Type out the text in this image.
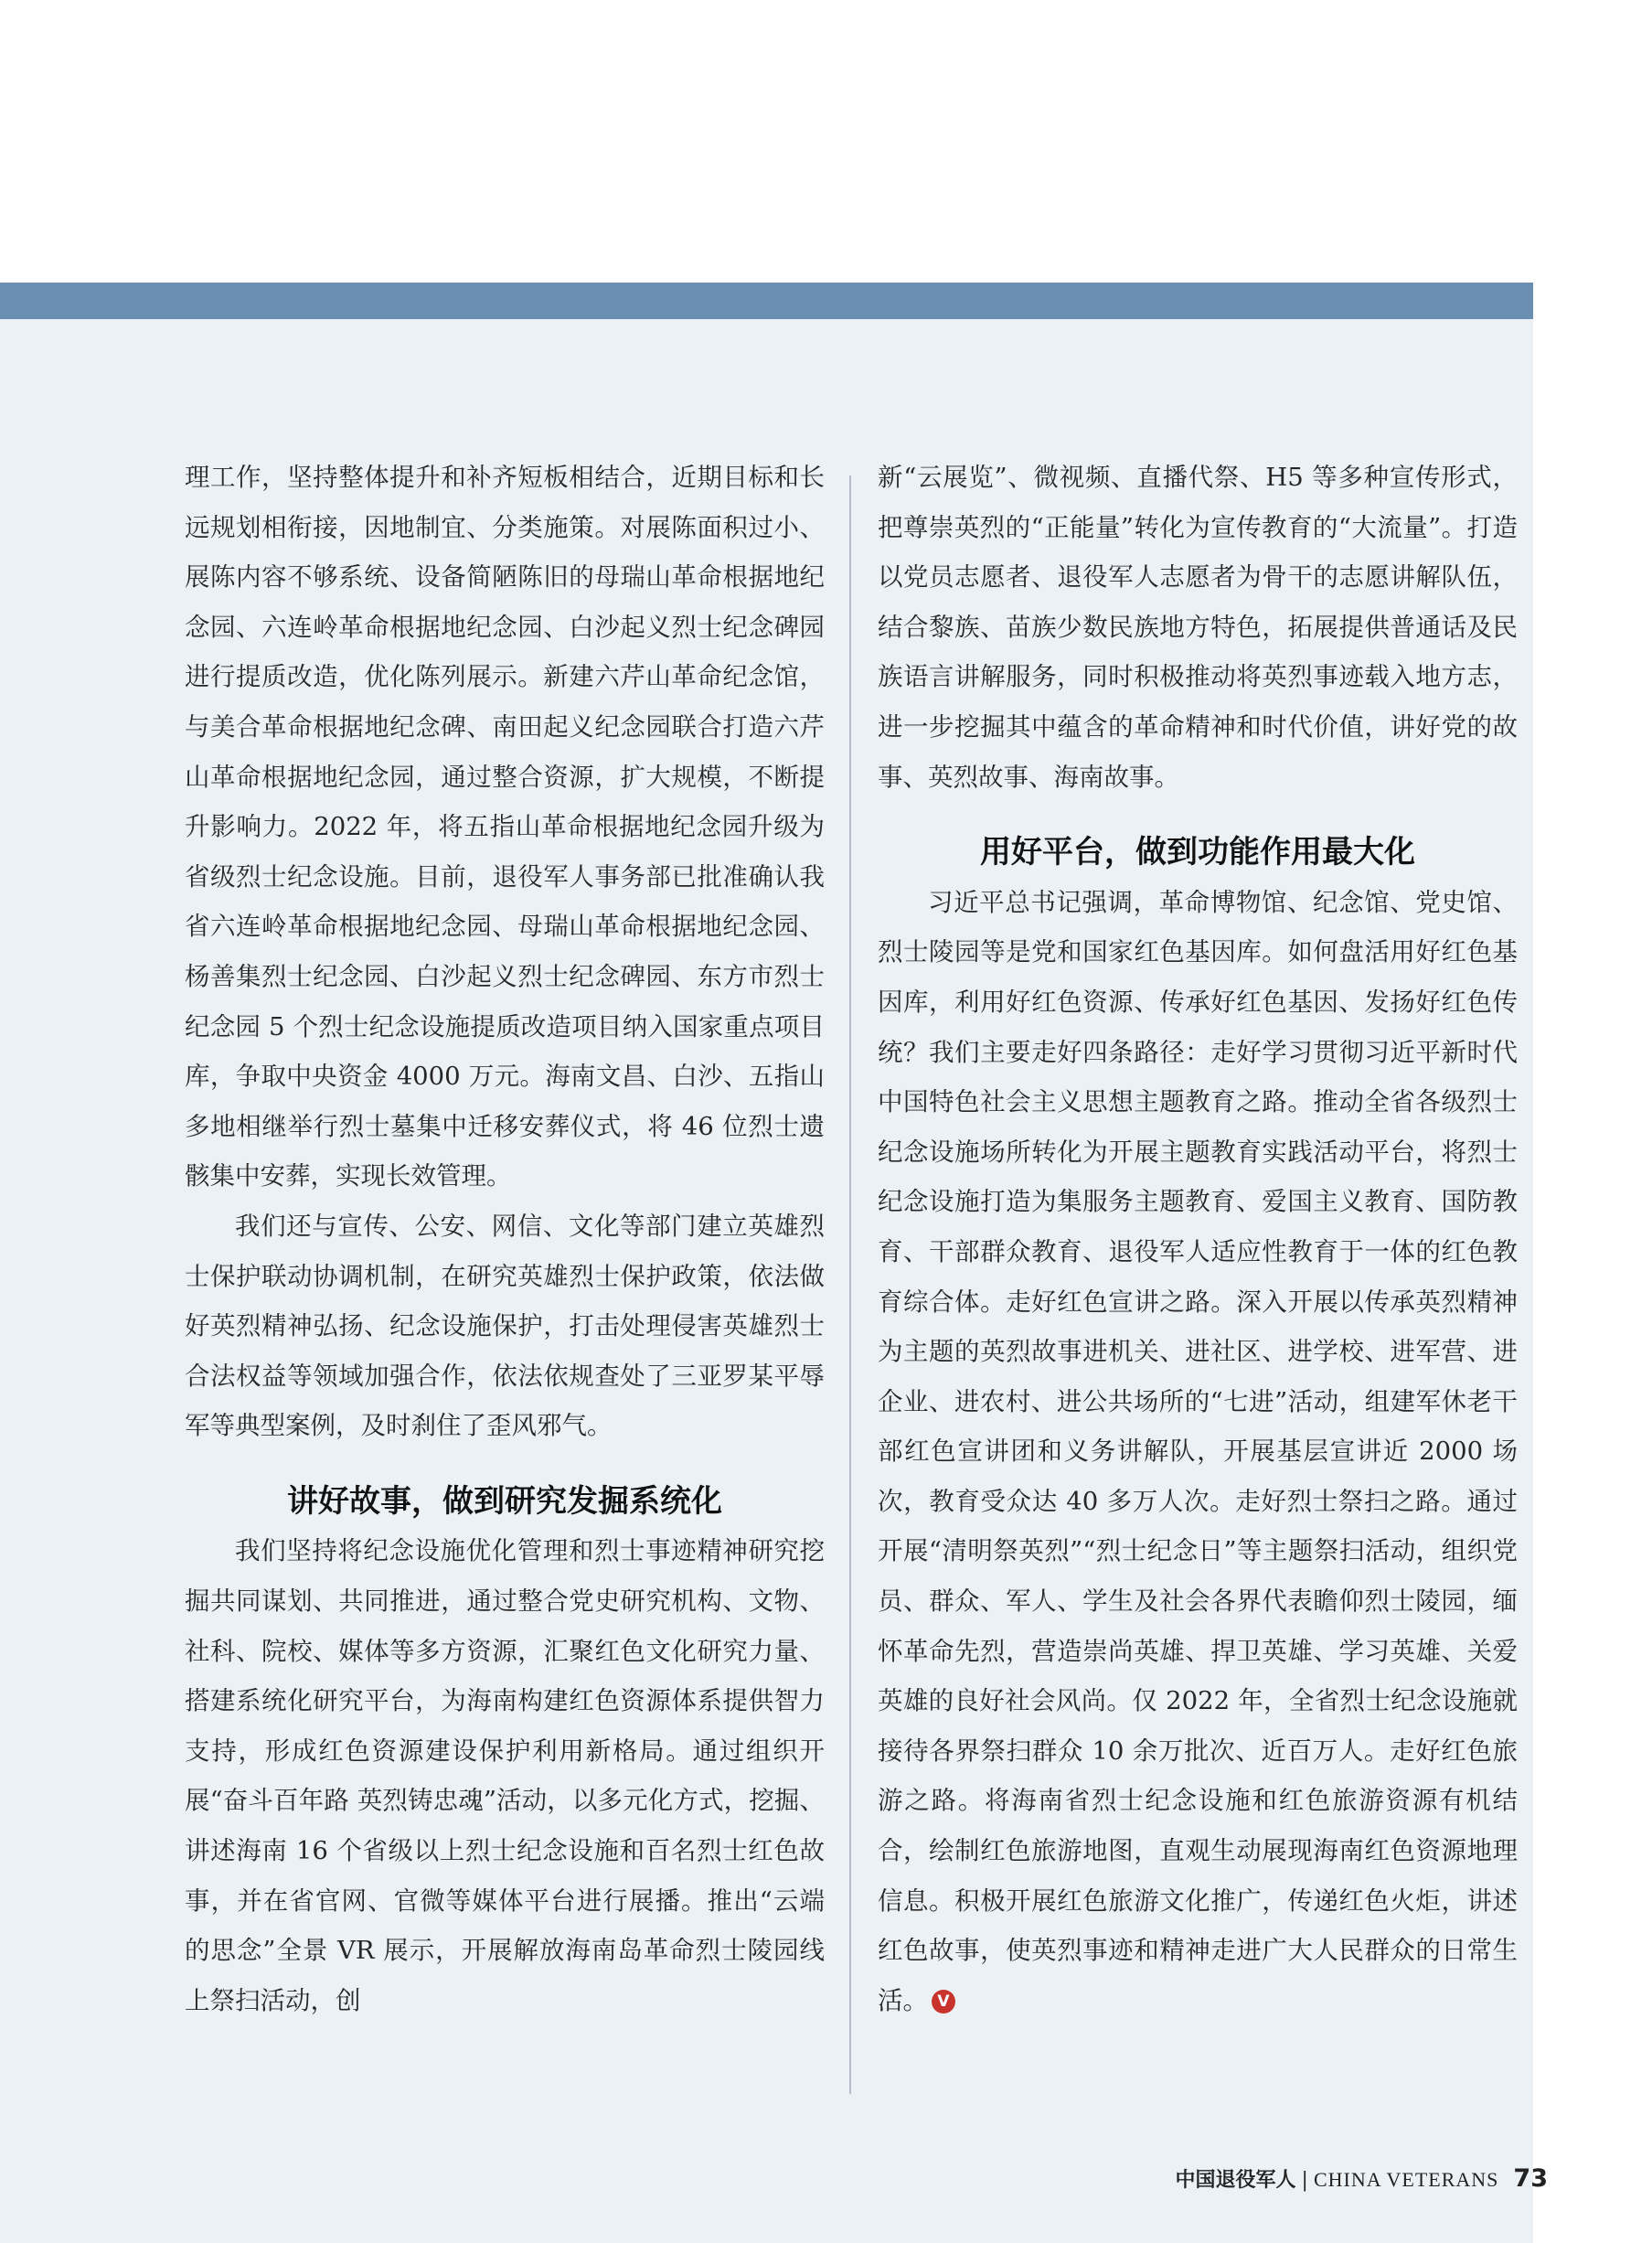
理工作，坚持整体提升和补齐短板相结合，近期目标和长远规划相衔接，因地制宜、分类施策。对展陈面积过小、展陈内容不够系统、设备简陋陈旧的母瑞山革命根据地纪念园、六连岭革命根据地纪念园、白沙起义烈士纪念碑园进行提质改造，优化陈列展示。新建六芹山革命纪念馆，与美合革命根据地纪念碑、南田起义纪念园联合打造六芹山革命根据地纪念园，通过整合资源，扩大规模，不断提升影响力。2022 年，将五指山革命根据地纪念园升级为省级烈士纪念设施。目前，退役军人事务部已批准确认我省六连岭革命根据地纪念园、母瑞山革命根据地纪念园、杨善集烈士纪念园、白沙起义烈士纪念碑园、东方市烈士纪念园 5 个烈士纪念设施提质改造项目纳入国家重点项目库，争取中央资金 4000 万元。海南文昌、白沙、五指山多地相继举行烈士墓集中迁移安葬仪式，将 46 位烈士遗骸集中安葬，实现长效管理。

我们还与宣传、公安、网信、文化等部门建立英雄烈士保护联动协调机制，在研究英雄烈士保护政策，依法做好英烈精神弘扬、纪念设施保护，打击处理侵害英雄烈士合法权益等领域加强合作，依法依规查处了三亚罗某平辱军等典型案例，及时刹住了歪风邪气。

讲好故事，做到研究发掘系统化

我们坚持将纪念设施优化管理和烈士事迹精神研究挖掘共同谋划、共同推进，通过整合党史研究机构、文物、社科、院校、媒体等多方资源，汇聚红色文化研究力量、搭建系统化研究平台，为海南构建红色资源体系提供智力支持，形成红色资源建设保护利用新格局。通过组织开展“奋斗百年路 英烈铸忠魂”活动，以多元化方式，挖掘、讲述海南 16 个省级以上烈士纪念设施和百名烈士红色故事，并在省官网、官微等媒体平台进行展播。推出“云端的思念”全景 VR 展示，开展解放海南岛革命烈士陵园线上祭扫活动，创

新“云展览”、微视频、直播代祭、H5 等多种宣传形式，把尊崇英烈的“正能量”转化为宣传教育的“大流量”。打造以党员志愿者、退役军人志愿者为骨干的志愿讲解队伍，结合黎族、苗族少数民族地方特色，拓展提供普通话及民族语言讲解服务，同时积极推动将英烈事迹载入地方志，进一步挖掘其中蕴含的革命精神和时代价值，讲好党的故事、英烈故事、海南故事。

用好平台，做到功能作用最大化

习近平总书记强调，革命博物馆、纪念馆、党史馆、烈士陵园等是党和国家红色基因库。如何盘活用好红色基因库，利用好红色资源、传承好红色基因、发扬好红色传统？我们主要走好四条路径：走好学习贯彻习近平新时代中国特色社会主义思想主题教育之路。推动全省各级烈士纪念设施场所转化为开展主题教育实践活动平台，将烈士纪念设施打造为集服务主题教育、爱国主义教育、国防教育、干部群众教育、退役军人适应性教育于一体的红色教育综合体。走好红色宣讲之路。深入开展以传承英烈精神为主题的英烈故事进机关、进社区、进学校、进军营、进企业、进农村、进公共场所的“七进”活动，组建军休老干部红色宣讲团和义务讲解队，开展基层宣讲近 2000 场次，教育受众达 40 多万人次。走好烈士祭扫之路。通过开展“清明祭英烈”“烈士纪念日”等主题祭扫活动，组织党员、群众、军人、学生及社会各界代表瞻仰烈士陵园，缅怀革命先烈，营造崇尚英雄、捍卫英雄、学习英雄、关爱英雄的良好社会风尚。仅 2022 年，全省烈士纪念设施就接待各界祭扫群众 10 余万批次、近百万人。走好红色旅游之路。将海南省烈士纪念设施和红色旅游资源有机结合，绘制红色旅游地图，直观生动展现海南红色资源地理信息。积极开展红色旅游文化推广，传递红色火炬，讲述红色故事，使英烈事迹和精神走进广大人民群众的日常生活。 V

中国退役军人 | CHINA VETERANS 73
